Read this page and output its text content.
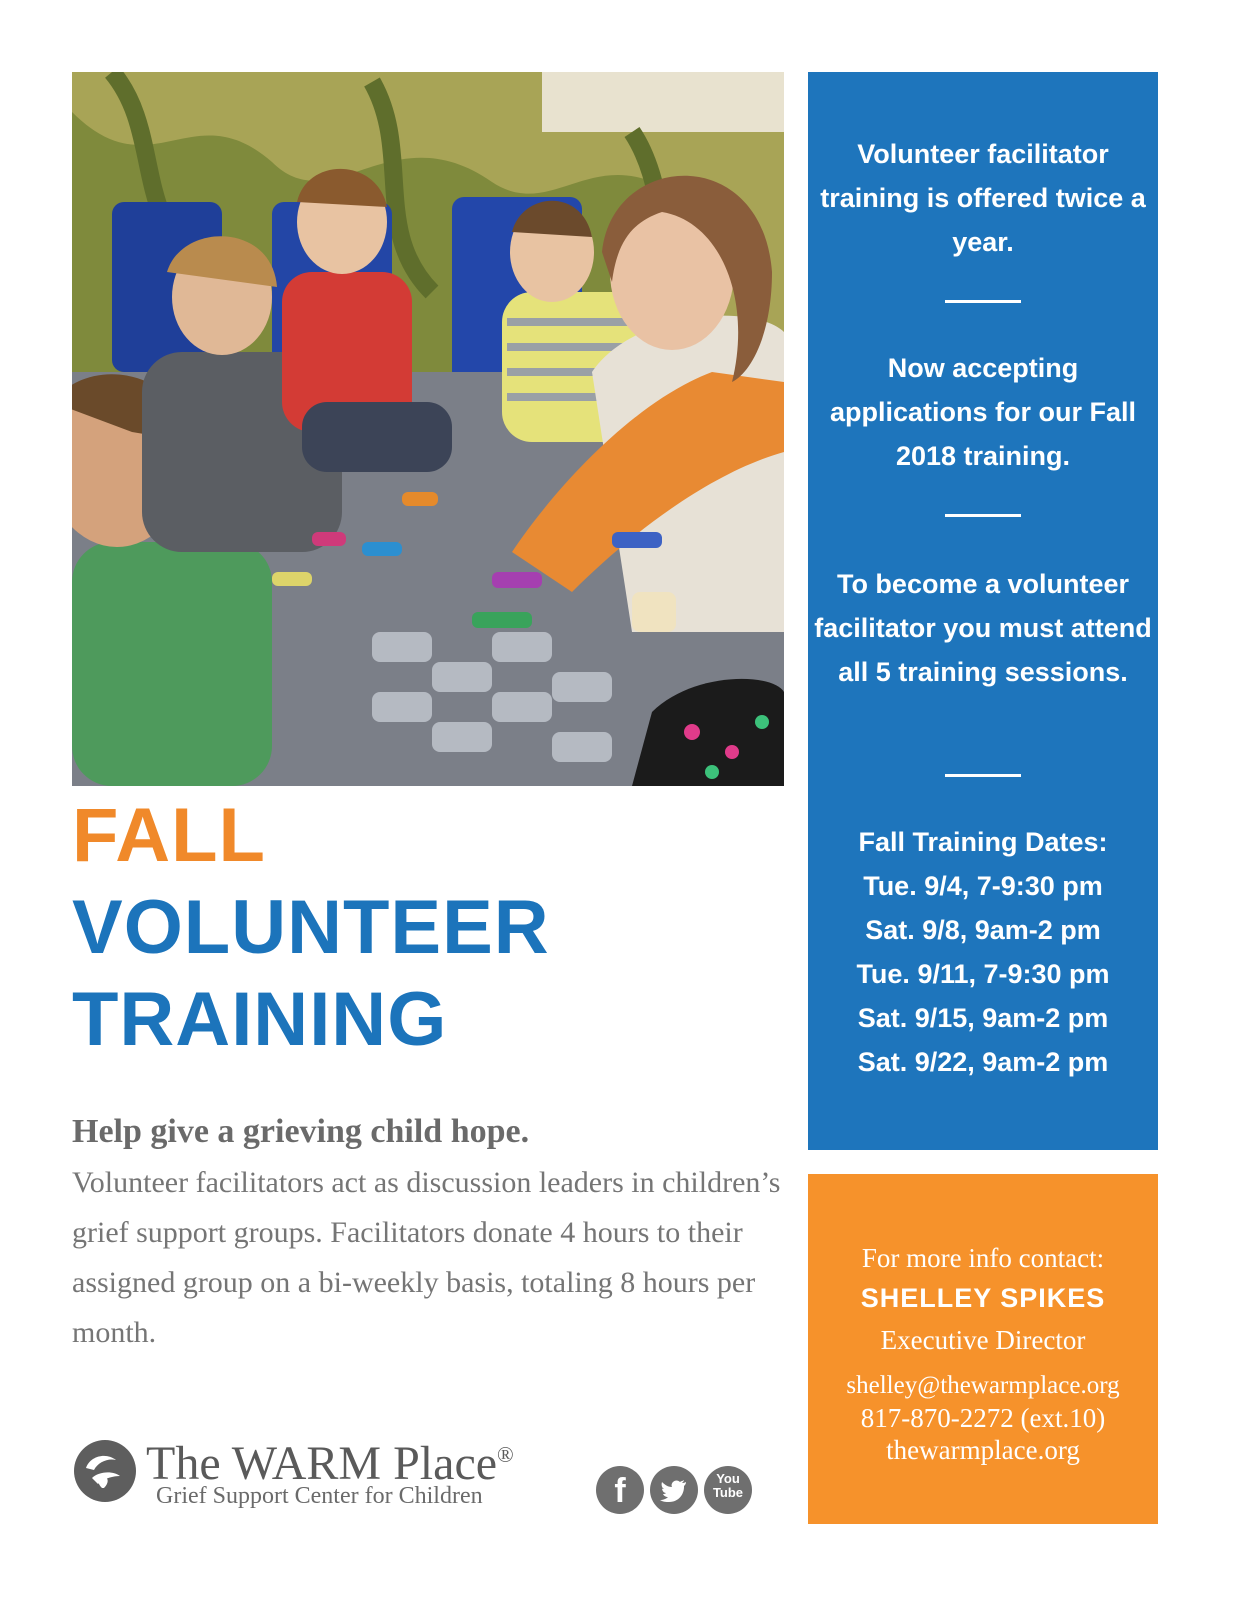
FALL
VOLUNTEER
TRAINING

Help give a grieving child hope.

Volunteer facilitators act as discussion leaders in children’s grief support groups. Facilitators donate 4 hours to their assigned group on a bi-weekly basis, totaling 8 hours per month.

Volunteer facilitator training is offered twice a year.

Now accepting applications for our Fall 2018 training.

To become a volunteer facilitator you must attend all 5 training sessions.

Fall Training Dates:

Tue. 9/4, 7-9:30 pm
Sat. 9/8, 9am-2 pm
Tue. 9/11, 7-9:30 pm
Sat. 9/15, 9am-2 pm
Sat. 9/22, 9am-2 pm
For more info contact:
SHELLEY SPIKES
Executive Director
shelley@thewarmplace.org
817-870-2272 (ext.10)
thewarmplace.org
The WARM Place®
Grief Support Center for Children	f	You
Tube
